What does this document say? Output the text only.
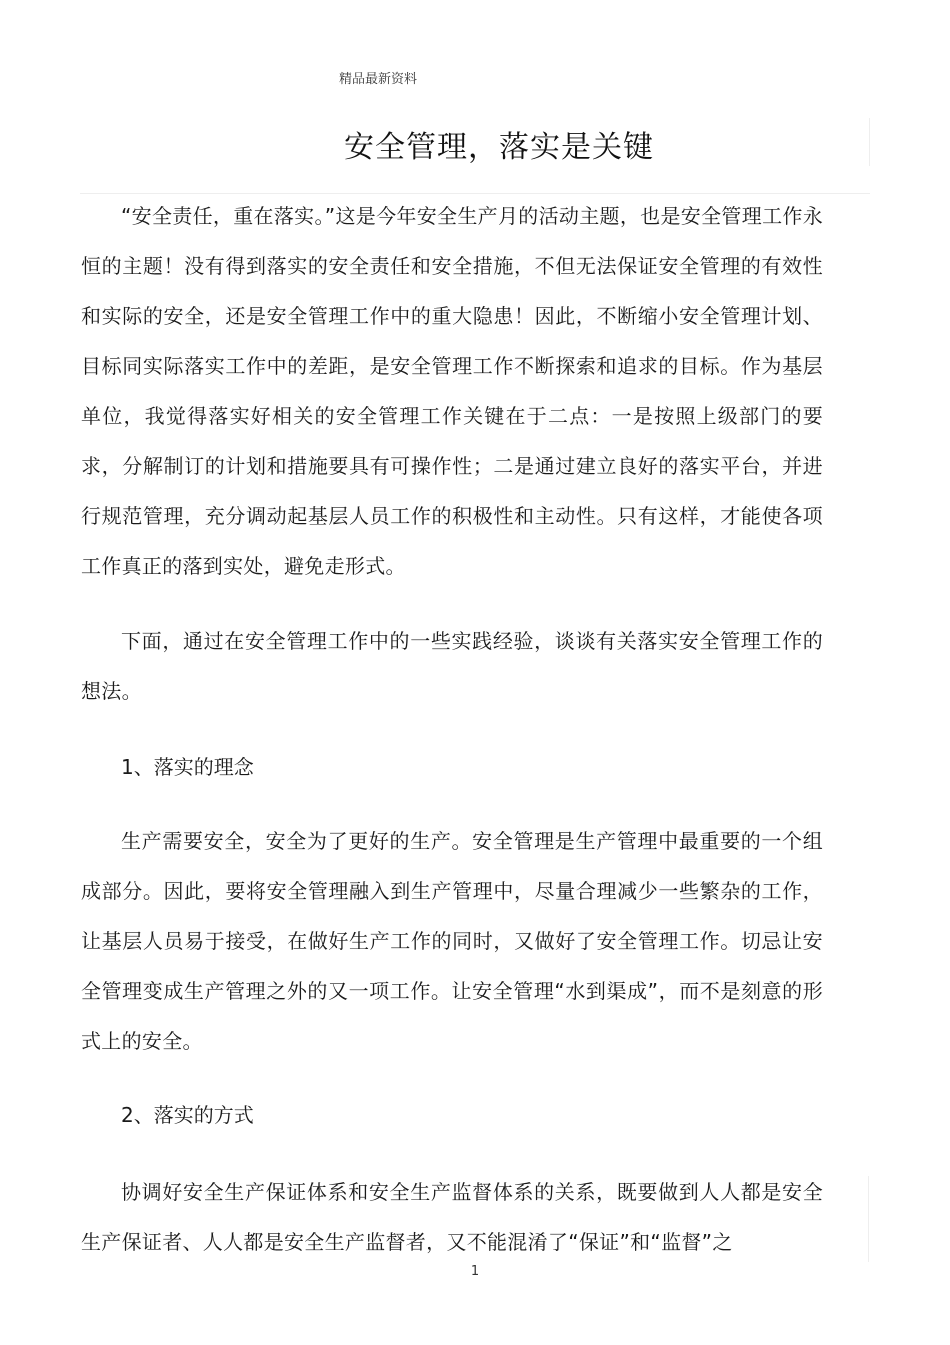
精品最新资料
安全管理，落实是关键

“安全责任，重在落实。”这是今年安全生产月的活动主题，也是安全管理工作永恒的主题！没有得到落实的安全责任和安全措施，不但无法保证安全管理的有效性和实际的安全，还是安全管理工作中的重大隐患！因此，不断缩小安全管理计划、目标同实际落实工作中的差距，是安全管理工作不断探索和追求的目标。作为基层单位，我觉得落实好相关的安全管理工作关键在于二点：一是按照上级部门的要求，分解制订的计划和措施要具有可操作性；二是通过建立良好的落实平台，并进行规范管理，充分调动起基层人员工作的积极性和主动性。只有这样，才能使各项工作真正的落到实处，避免走形式。

下面，通过在安全管理工作中的一些实践经验，谈谈有关落实安全管理工作的想法。

1、落实的理念

生产需要安全，安全为了更好的生产。安全管理是生产管理中最重要的一个组成部分。因此，要将安全管理融入到生产管理中，尽量合理减少一些繁杂的工作，让基层人员易于接受，在做好生产工作的同时，又做好了安全管理工作。切忌让安全管理变成生产管理之外的又一项工作。让安全管理“水到渠成”，而不是刻意的形式上的安全。

2、落实的方式

协调好安全生产保证体系和安全生产监督体系的关系，既要做到人人都是安全生产保证者、人人都是安全生产监督者，又不能混淆了“保证”和“监督”之

1
